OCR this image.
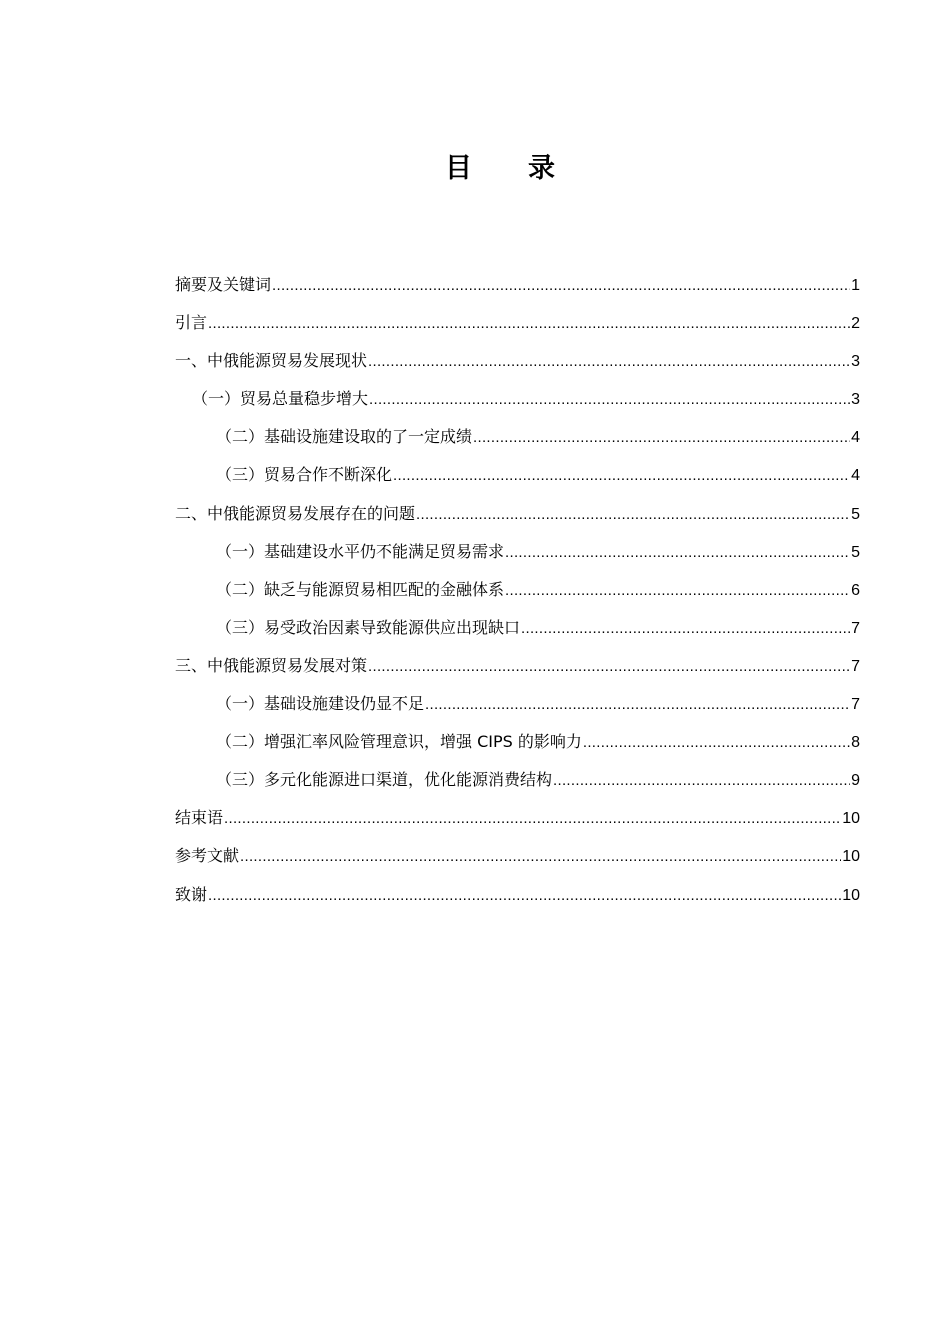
目 录
摘要及关键词 .....	1
引言 .....	2
一、中俄能源贸易发展现状 .....	3
（一）贸易总量稳步增大 .....	3
（二）基础设施建设取的了一定成绩 .....	4
（三）贸易合作不断深化 .....	4
二、中俄能源贸易发展存在的问题 .....	5
（一）基础建设水平仍不能满足贸易需求 .....	5
（二）缺乏与能源贸易相匹配的金融体系 .....	6
（三）易受政治因素导致能源供应出现缺口 .....	7
三、中俄能源贸易发展对策 .....	7
（一）基础设施建设仍显不足 .....	7
（二）增强汇率风险管理意识，增强 CIPS 的影响力 .....	8
（三）多元化能源进口渠道，优化能源消费结构 .....	9
结束语 .....	10
参考文献 .....	10
致谢 .....	10
